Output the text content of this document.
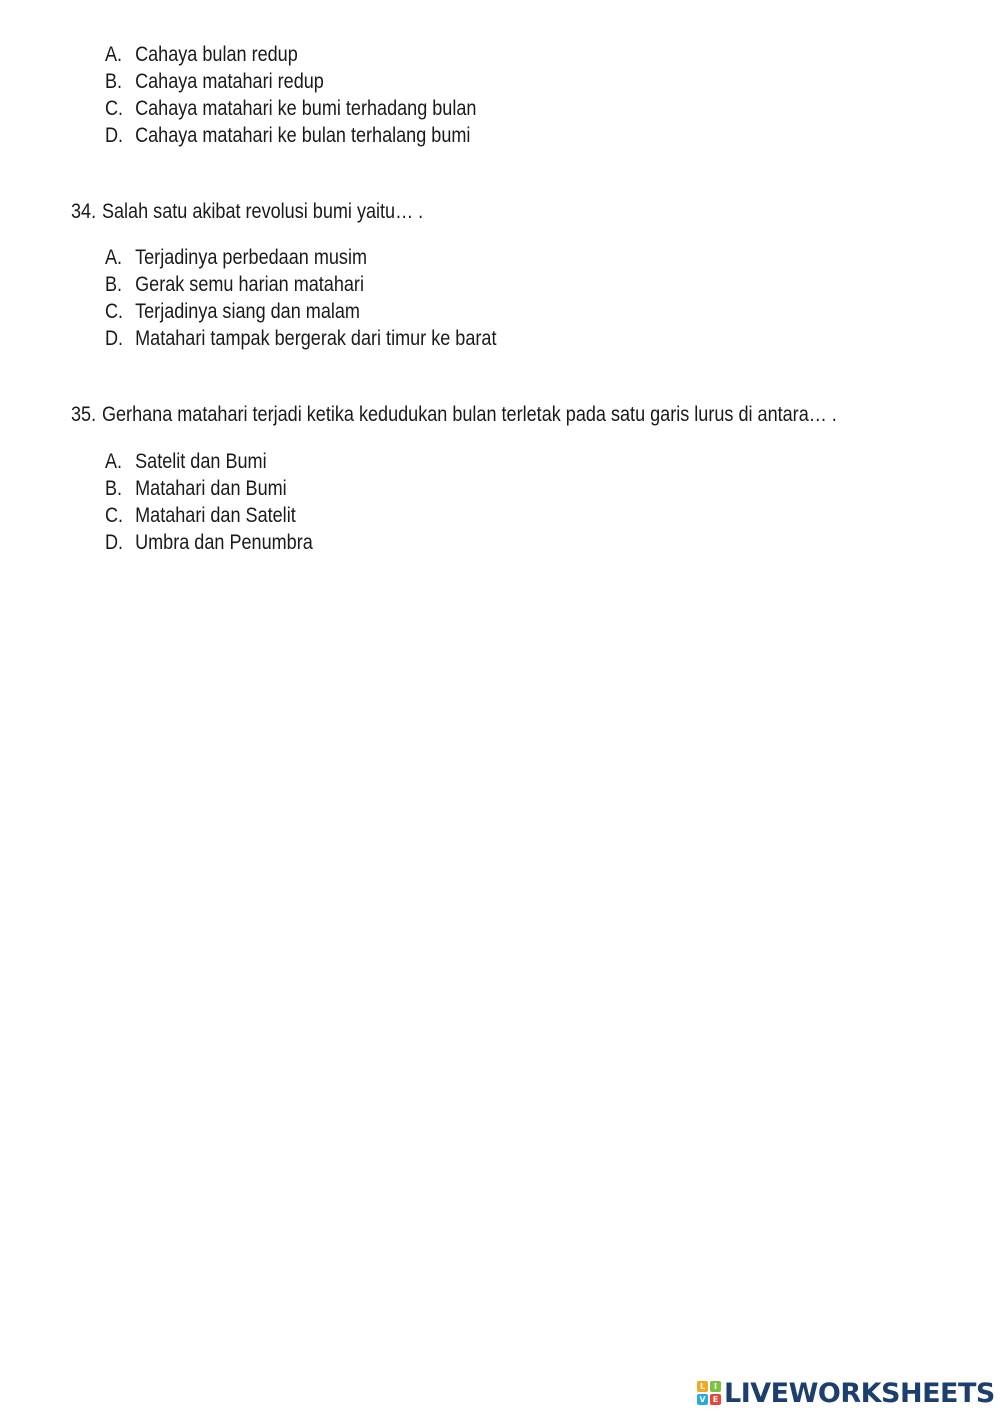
A. Cahaya bulan redup
B. Cahaya matahari redup
C. Cahaya matahari ke bumi terhadang bulan
D. Cahaya matahari ke bulan terhalang bumi
34. Salah satu akibat revolusi bumi yaitu… .
A. Terjadinya perbedaan musim
B. Gerak semu harian matahari
C. Terjadinya siang dan malam
D. Matahari tampak bergerak dari timur ke barat
35. Gerhana matahari terjadi ketika kedudukan bulan terletak pada satu garis lurus di antara… .
A. Satelit dan Bumi
B. Matahari dan Bumi
C. Matahari dan Satelit
D. Umbra dan Penumbra
L	I
V E LIVEWORKSHEETS
